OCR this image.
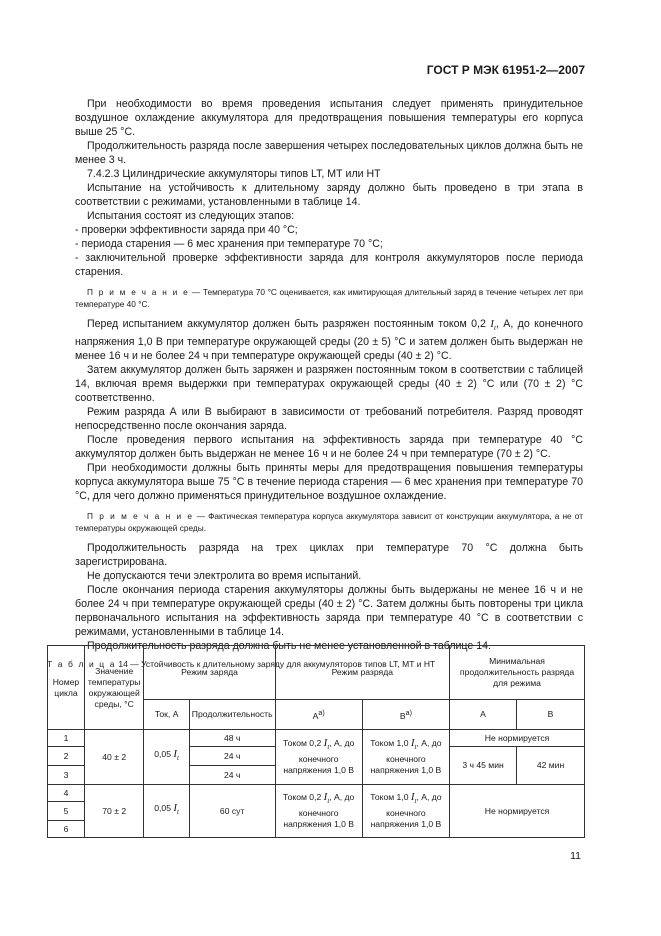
ГОСТ Р МЭК 61951-2—2007

При необходимости во время проведения испытания следует применять принудительное воздушное охлаждение аккумулятора для предотвращения повышения температуры его корпуса выше 25 °С.

Продолжительность разряда после завершения четырех последовательных циклов должна быть не менее 3 ч.

7.4.2.3 Цилиндрические аккумуляторы типов LT, МТ или НТ

Испытание на устойчивость к длительному заряду должно быть проведено в три этапа в соответствии с режимами, установленными в таблице 14.

Испытания состоят из следующих этапов:

- проверки эффективности заряда при 40 °С;

- периода старения — 6 мес хранения при температуре 70 °С;

- заключительной проверке эффективности заряда для контроля аккумуляторов после периода старения.

П р и м е ч а н и е — Температура 70 °С оценивается, как имитирующая длительный заряд в течение четырех лет при температуре 40 °С.

Перед испытанием аккумулятор должен быть разряжен постоянным током 0,2 $I_t$, А, до конечного напряжения 1,0 В при температуре окружающей среды (20 ± 5) °С и затем должен быть выдержан не менее 16 ч и не более 24 ч при температуре окружающей среды (40 ± 2) °С.

Затем аккумулятор должен быть заряжен и разряжен постоянным током в соответствии с таблицей 14, включая время выдержки при температурах окружающей среды (40 ± 2) °С или (70 ± 2) °С соответственно.

Режим разряда А или В выбирают в зависимости от требований потребителя. Разряд проводят непосредственно после окончания заряда.

После проведения первого испытания на эффективность заряда при температуре 40 °С аккумулятор должен быть выдержан не менее 16 ч и не более 24 ч при температуре (70 ± 2) °С.

При необходимости должны быть приняты меры для предотвращения повышения температуры корпуса аккумулятора выше 75 °С в течение периода старения — 6 мес хранения при температуре 70 °С, для чего должно применяться принудительное воздушное охлаждение.

П р и м е ч а н и е — Фактическая температура корпуса аккумулятора зависит от конструкции аккумулятора, а не от температуры окружающей среды.

Продолжительность разряда на трех циклах при температуре 70 °С должна быть зарегистрирована.

Не допускаются течи электролита во время испытаний.

После окончания периода старения аккумуляторы должны быть выдержаны не менее 16 ч и не более 24 ч при температуре окружающей среды (40 ± 2) °С. Затем должны быть повторены три цикла первоначального испытания на эффективность заряда при температуре 40 °С в соответствии с режимами, установленными в таблице 14.

Продолжительность разряда должна быть не менее установленной в таблице 14.

Т а б л и ц а 14 — Устойчивость к длительному заряду для аккумуляторов типов LT, МТ и НТ

Номер цикла	Значение температуры окружающей среды, °С	Режим заряда		Режим разряда		Минимальная продолжительность разряда для режима	
		Ток, А	Продолжительность	$А^{а)}$	$В^{а)}$	А	В
1	40 ± 2	0,05 $I_t$	48 ч	Током 0,2 $I_t$, А, до конечного напряжения 1,0 В	Током 1,0 $I_t$, А, до конечного напряжения 1,0 В	Не нормируется	
2			24 ч			3 ч 45 мин	42 мин
3			24 ч				
4	70 ± 2	0,05 $I_t$	60 сут	Током 0,2 $I_t$, А, до конечного напряжения 1,0 В	Током 1,0 $I_t$, А, до конечного напряжения 1,0 В	Не нормируется	
5							
6							
11
